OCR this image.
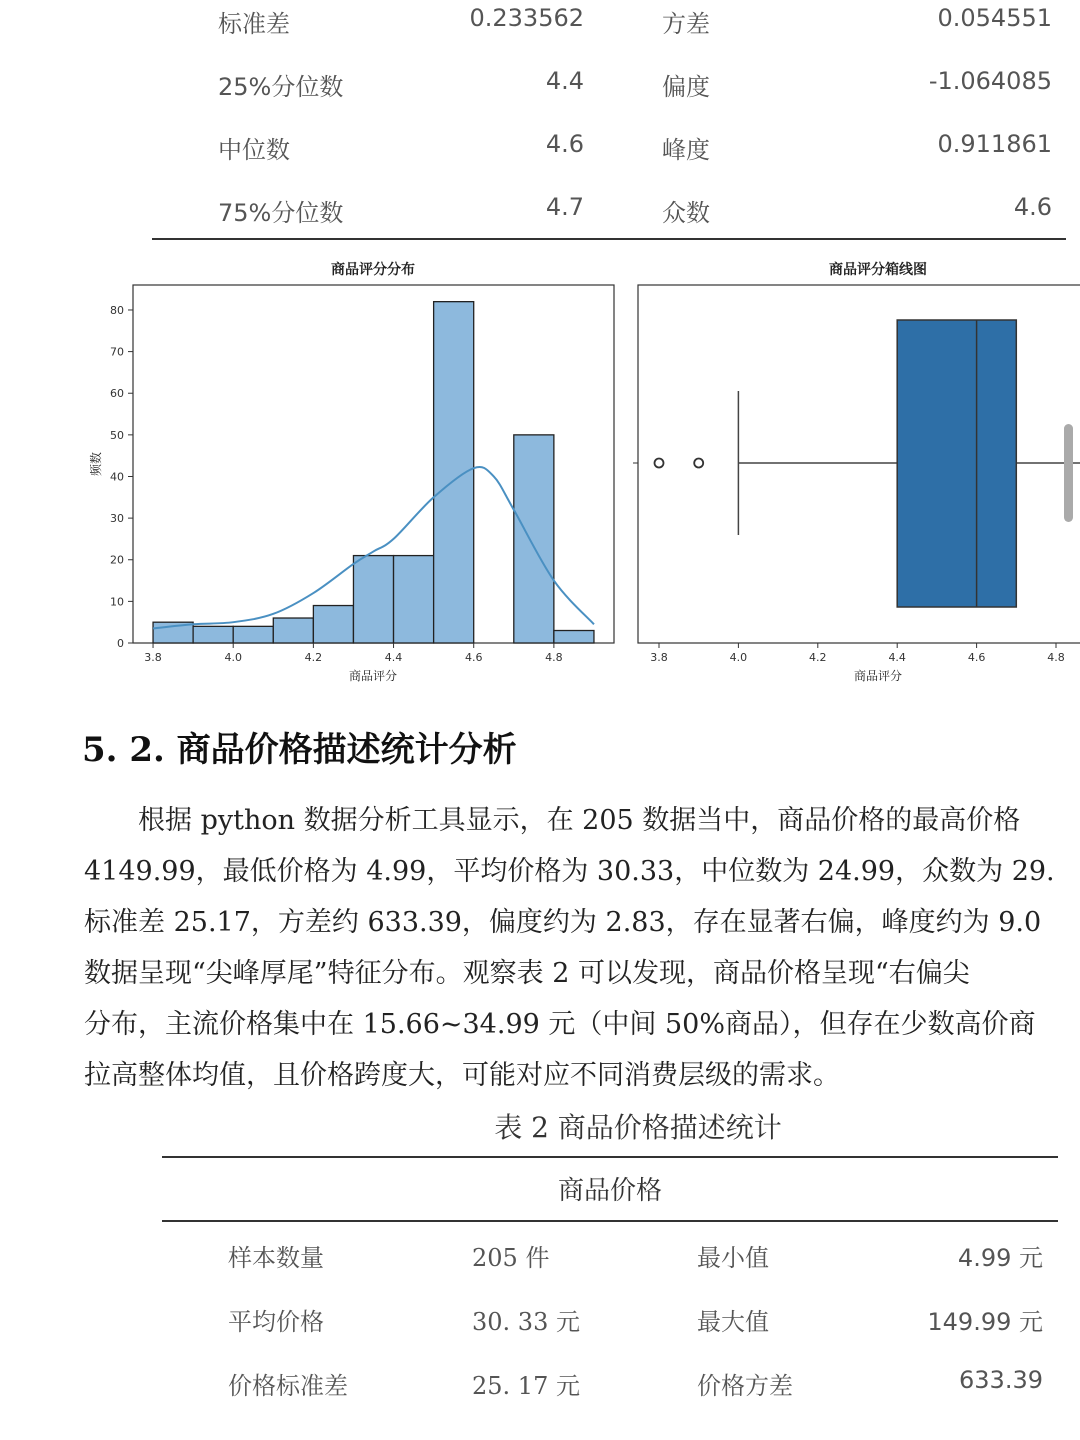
标准差	0.233562	方差	0.054551
25%分位数	4.4	偏度	-1.064085
中位数	4.6	峰度	0.911861
75%分位数	4.7	众数	4.6
商品评分分布
3.8	4.0	4.2	4.4	4.6	4.8
0
10
20
30
40
50
60
70
80
商品评分
频数
商品评分箱线图
3.8	4.0	4.2	4.4	4.6	4.8
商品评分
5. 2. 商品价格描述统计分析

　　根据 python 数据分析工具显示，在 205 数据当中，商品价格的最高价格

4149.99，最低价格为 4.99，平均价格为 30.33，中位数为 24.99，众数为 29.

标准差 25.17，方差约 633.39，偏度约为 2.83，存在显著右偏，峰度约为 9.0

数据呈现“尖峰厚尾”特征分布。观察表 2 可以发现，商品价格呈现“右偏尖

分布，主流价格集中在 15.66~34.99 元（中间 50%商品），但存在少数高价商

拉高整体均值，且价格跨度大，可能对应不同消费层级的需求。

表 2 商品价格描述统计
商品价格
样本数量	205 件	最小值	4.99 元
平均价格	30. 33 元	最大值	149.99 元
价格标准差	25. 17 元	价格方差	633.39
